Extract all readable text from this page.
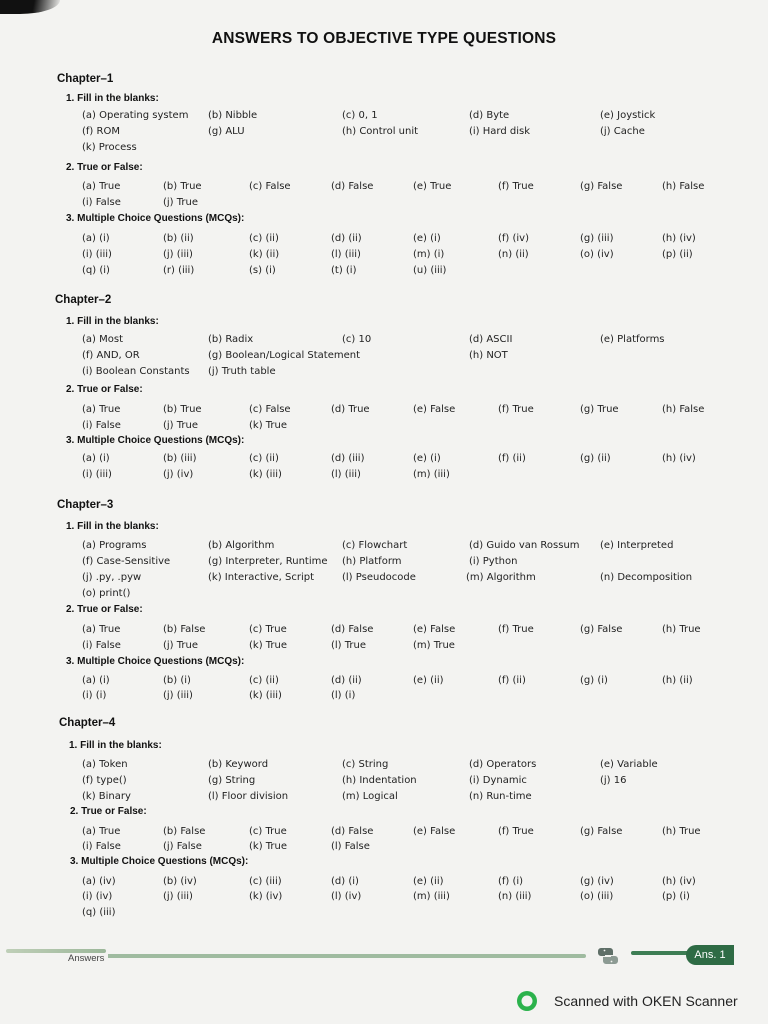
ANSWERS TO OBJECTIVE TYPE QUESTIONS
Chapter–1
1. Fill in the blanks:
(a) Operating system (b) Nibble	(c) 0, 1	(d) Byte	(e) Joystick
(f) ROM	(g) ALU	(h) Control unit	(i) Hard disk	(j) Cache
(k) Process
2. True or False:
(a) True	(b) True	(c) False	(d) False	(e) True	(f) True	(g) False	(h) False
(i) False	(j) True
3. Multiple Choice Questions (MCQs):
(a) (i)	(b) (ii)	(c) (ii)	(d) (ii)	(e) (i)	(f) (iv)	(g) (iii)	(h) (iv)
(i) (iii)	(j) (iii)	(k) (ii)	(l) (iii)	(m) (i)	(n) (ii)	(o) (iv)	(p) (ii)
(q) (i)	(r) (iii)	(s) (i)	(t) (i)	(u) (iii)
Chapter–2
1. Fill in the blanks:
(a) Most	(b) Radix	(c) 10	(d) ASCII	(e) Platforms
(f) AND, OR	(g) Boolean/Logical Statement	(h) NOT
(i) Boolean Constants (j) Truth table
2. True or False:
(a) True	(b) True	(c) False	(d) True	(e) False	(f) True	(g) True	(h) False
(i) False	(j) True	(k) True
3. Multiple Choice Questions (MCQs):
(a) (i)	(b) (iii)	(c) (ii)	(d) (iii)	(e) (i)	(f) (ii)	(g) (ii)	(h) (iv)
(i) (iii)	(j) (iv)	(k) (iii)	(l) (iii)	(m) (iii)
Chapter–3
1. Fill in the blanks:
(a) Programs	(b) Algorithm	(c) Flowchart	(d) Guido van Rossum (e) Interpreted
(f) Case-Sensitive	(g) Interpreter, Runtime (h) Platform	(i) Python
(j) .py, .pyw	(k) Interactive, Script	(l) Pseudocode	(m) Algorithm	(n) Decomposition
(o) print()
2. True or False:
(a) True	(b) False	(c) True	(d) False	(e) False	(f) True	(g) False	(h) True
(i) False	(j) True	(k) True	(l) True	(m) True
3. Multiple Choice Questions (MCQs):
(a) (i)	(b) (i)	(c) (ii)	(d) (ii)	(e) (ii)	(f) (ii)	(g) (i)	(h) (ii)
(i) (i)	(j) (iii)	(k) (iii)	(l) (i)
Chapter–4
1. Fill in the blanks:
(a) Token	(b) Keyword	(c) String	(d) Operators	(e) Variable
(f) type()	(g) String	(h) Indentation	(i) Dynamic	(j) 16
(k) Binary	(l) Floor division	(m) Logical	(n) Run-time
2. True or False:
(a) True	(b) False	(c) True	(d) False	(e) False	(f) True	(g) False	(h) True
(i) False	(j) False	(k) True	(l) False
3. Multiple Choice Questions (MCQs):
(a) (iv)	(b) (iv)	(c) (iii)	(d) (i)	(e) (ii)	(f) (i)	(g) (iv)	(h) (iv)
(i) (iv)	(j) (iii)	(k) (iv)	(l) (iv)	(m) (iii)	(n) (iii)	(o) (iii)	(p) (i)
(q) (iii)
Answers	Ans. 1
Scanned with OKEN Scanner
